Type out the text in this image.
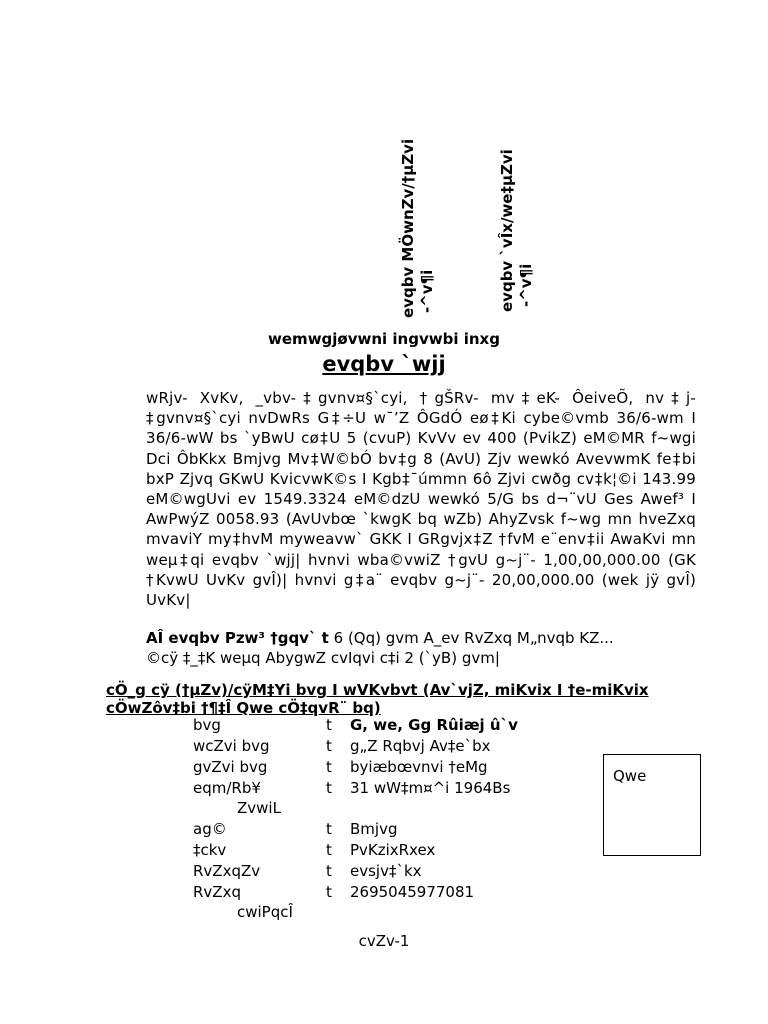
evqbv MÖwnZv/†µZvi -^v¶i	evqbv `vÎx/we‡µZvi -^v¶i
wemwgjøvwni ingvwbi inxg
evqbv `wjj
wRjv- XvKv, _vbv-‡gvnv¤§`cyi, †gŠRv- mv‡eK- ÔeiveÕ, nv‡j- ‡gvnv¤§`cyi nvDwRs G‡÷U w¯’Z ÔGdÓ eø‡Ki cybe©vmb 36/6-wm I 36/6-wW bs `yBwU cø‡U 5 (cvuP) KvVv ev 400 (PvikZ) eM©MR f~wgi Dci ÔbKkx Bmjvg Mv‡W©bÓ bv‡g 8 (AvU) Zjv wewkó AvevwmK fe‡bi bxP Zjvq GKwU KvicvwK©s I Kgb‡¯úmmn 6ô Zjvi cwðg cv‡k¦©i 143.99 eM©wgUvi ev 1549.3324 eM©dzU wewkó 5/G bs d¬¨vU Ges Awef³ I AwPwýZ 0058.93 (AvUvbœ `kwgK bq wZb) AhyZvsk f~wg mn hveZxq mvaviY my‡hvM myweavw` GKK I GRgvjx‡Z †fvM e¨env‡ii AwaKvi mn weµ‡qi evqbv `wjj| hvnvi wba©vwiZ †gvU g~j¨- 1,00,00,000.00 (GK †KvwU UvKv gvÎ)| hvnvi g‡a¨ evqbv g~j¨- 20,00,000.00 (wek jÿ gvÎ) UvKv|
AÎ evqbv Pzw³ †gqv` t 6 (Qq) gvm A_ev RvZxq M„nvqb KZ...
©cÿ ‡_‡K weµq AbygwZ cvIqvi c‡i 2 (`yB) gvm|
cÖ_g cÿ (†µZv)/cÿM‡Yi bvg I wVKvbvt (Av`vjZ, miKvix I †e-miKvix cÖwZôv‡bi †¶‡Î Qwe cÖ‡qvR¨ bq)
bvg	t G, we, Gg Rûiæj û`v
wcZvi bvg	t g„Z Rqbvj Av‡e`bx
gvZvi bvg	t byiæbœvnvi †eMg
eqm/Rb¥	t 31 wW‡m¤^i 1964Bs
ZvwiL
ag©	t Bmjvg
‡ckv	t PvKzixRxex
RvZxqZv	t evsjv‡`kx
RvZxq	t 2695045977081
cwiPqcÎ
Qwe
cvZv-1
